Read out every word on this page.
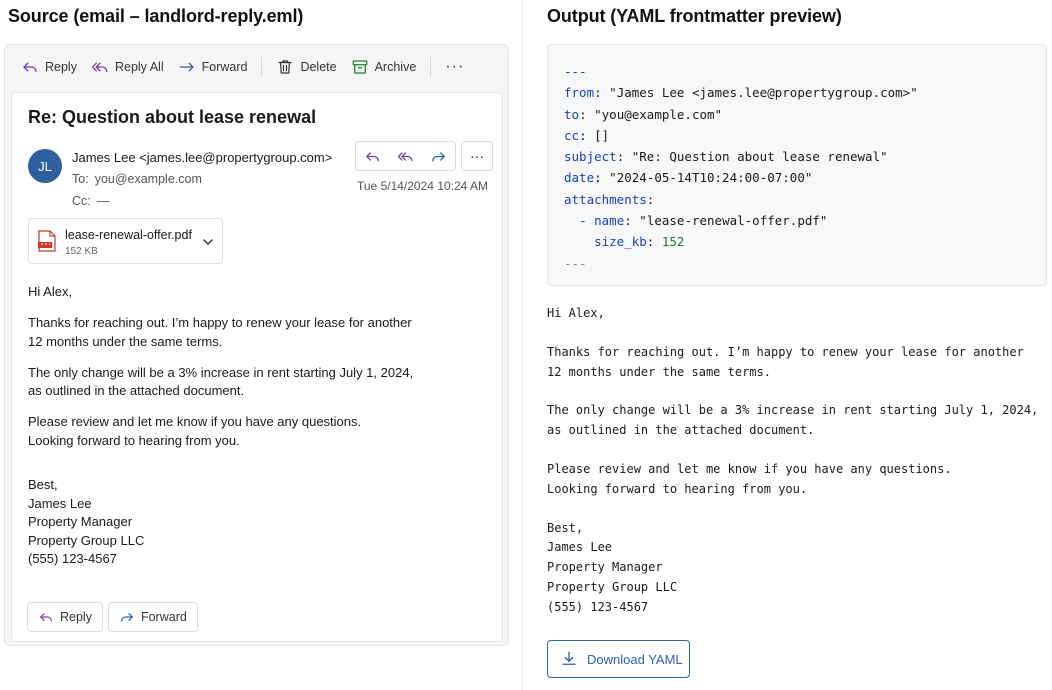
Source (email – landlord-reply.eml)
Reply	Reply All	Forward	Delete	Archive ···
Re: Question about lease renewal
JL
James Lee <james.lee@propertygroup.com>
To: you@example.com
Cc: —
···
Tue 5/14/2024 10:24 AM
lease-renewal-offer.pdf
152 KB

Hi Alex,

Thanks for reaching out. I’m happy to renew your lease for another
12 months under the same terms.

The only change will be a 3% increase in rent starting July 1, 2024,
as outlined in the attached document.

Please review and let me know if you have any questions.
Looking forward to hearing from you.

Best,
James Lee
Property Manager
Property Group LLC
(555) 123-4567

Reply	Forward
Output (YAML frontmatter preview)
---
from: "James Lee <james.lee@propertygroup.com>"
to: "you@example.com"
cc: []
subject: "Re: Question about lease renewal"
date: "2024-05-14T10:24:00-07:00"
attachments:
- name: "lease-renewal-offer.pdf"
size_kb: 152
---

Hi Alex,

Thanks for reaching out. I’m happy to renew your lease for another
12 months under the same terms.

The only change will be a 3% increase in rent starting July 1, 2024,
as outlined in the attached document.

Please review and let me know if you have any questions.
Looking forward to hearing from you.

Best,
James Lee
Property Manager
Property Group LLC
(555) 123-4567

Download YAML
